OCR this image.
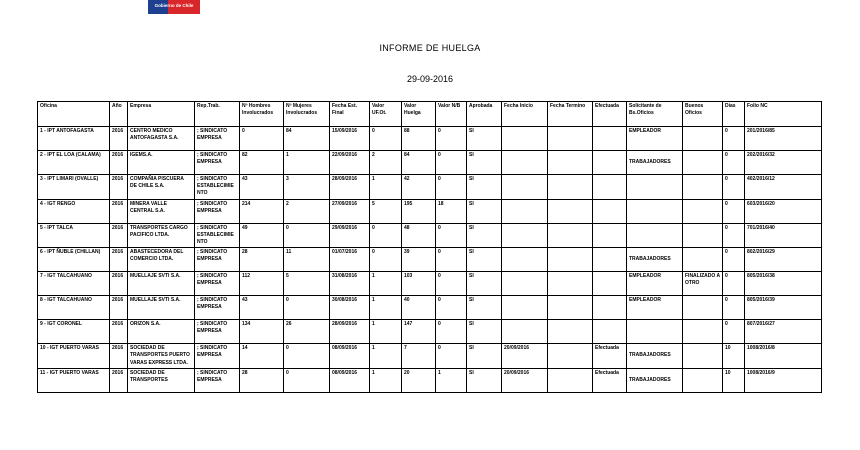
Gobierno de Chile
INFORME DE HUELGA
29-09-2016
Oficina	Año	Empresa	Rep.Trab.	Nº Hombres Involucrados	Nº Mujeres Involucrados	Fecha Est. Final	Valor UF.Ot.	Valor Huelga	Valor N/B	Aprobada	Fecha Inicio	Fecha Termino	Efectuada	Solicitante de Bs.Oficios	Buenos Oficios	Días	Folio NC
1 - IPT ANTOFAGASTA	2016	CENTRO MEDICO ANTOFAGASTA S.A.	; SINDICATO EMPRESA	0	84	15/09/2016	0	88	0	SI				EMPLEADOR		0	201/2016/85
2 - IPT EL LOA (CALAMA)	2016	IGEMS.A.	; SINDICATO EMPRESA	82	1	22/09/2016	2	84	0	SI				TRABAJADORES		0	202/2016/32
3 - IPT LIMARI (OVALLE)	2016	COMPAÑIA PISCUERA DE CHILE S.A.	; SINDICATO ESTABLECIMIENTO	43	3	28/09/2016	1	42	0	SI						0	402/2016/12
4 - IGT RENGO	2016	MINERA VALLE CENTRAL S.A.	; SINDICATO EMPRESA	214	2	27/09/2016	5	195	18	SI						0	603/2016/20
5 - IPT TALCA	2016	TRANSPORTES CARGO PACIFICO LTDA.	; SINDICATO ESTABLECIMIENTO	49	0	29/09/2016	0	48	0	SI						0	701/2016/40
6 - IPT ÑUBLE (CHILLAN)	2016	ABASTECEDORA DEL COMERCIO LTDA.	; SINDICATO EMPRESA	28	11	01/07/2016	0	39	0	SI				TRABAJADORES		0	802/2016/29
7 - IGT TALCAHUANO	2016	MUELLAJE SVTI S.A.	; SINDICATO EMPRESA	112	5	31/08/2016	1	103	0	SI				EMPLEADOR	FINALIZADO A OTRO	0	805/2016/38
8 - IGT TALCAHUANO	2016	MUELLAJE SVTI S.A.	; SINDICATO EMPRESA	43	0	30/08/2016	1	40	0	SI				EMPLEADOR		0	805/2016/39
9 - IGT CORONEL	2016	ORIZON S.A.	; SINDICATO EMPRESA	134	26	28/09/2016	1	147	0	SI						0	807/2016/27
10 - IGT PUERTO VARAS	2016	SOCIEDAD DE TRANSPORTES PUERTO VARAS EXPRESS LTDA.	; SINDICATO EMPRESA	14	0	08/09/2016	1	7	0	SI	20/09/2016		Efectuada	TRABAJADORES		10	1008/2016/8
11 - IGT PUERTO VARAS	2016	SOCIEDAD DE TRANSPORTES	; SINDICATO EMPRESA	28	0	08/09/2016	1	20	1	SI	20/09/2016		Efectuada	TRABAJADORES		10	1008/2016/9
